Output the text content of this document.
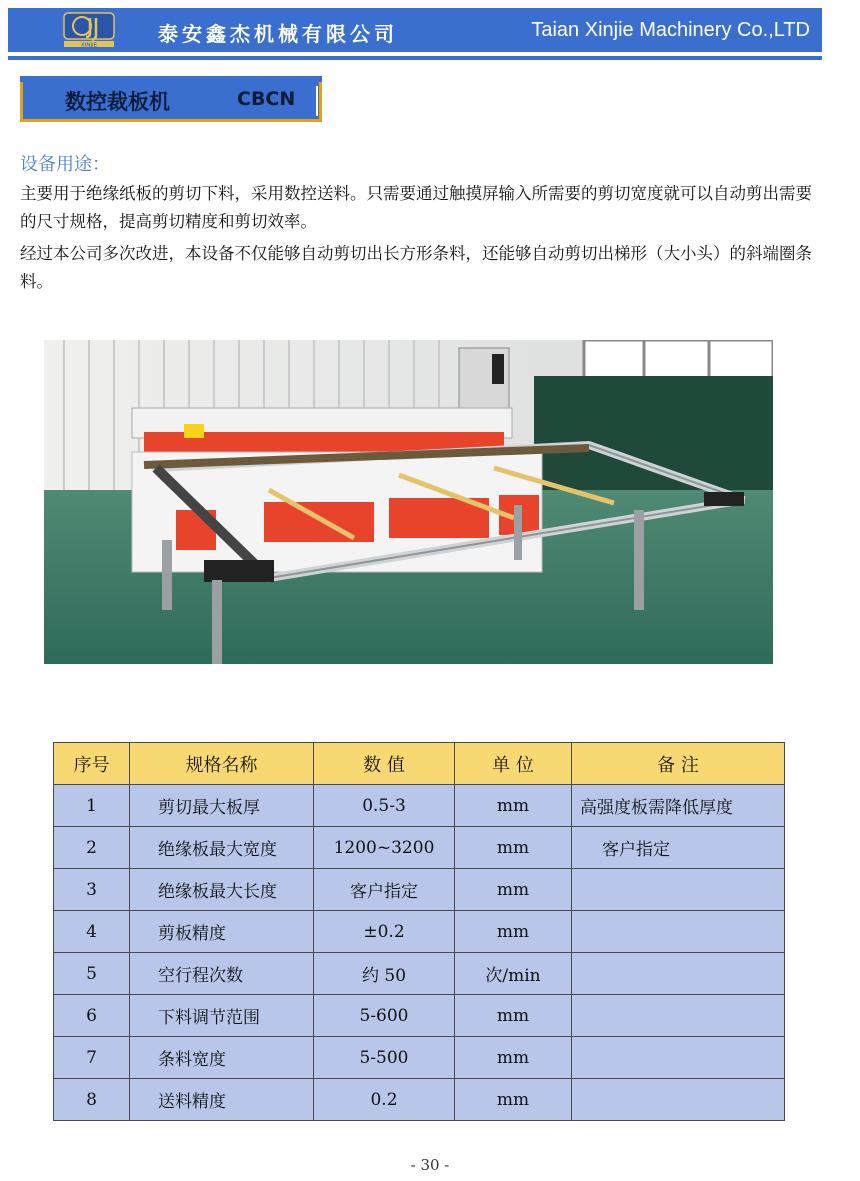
XINJIE	泰安鑫杰机械有限公司	Taian Xinjie Machinery Co.,LTD
数控裁板机	CBCN
设备用途：

主要用于绝缘纸板的剪切下料，采用数控送料。只需要通过触摸屏输入所需要的剪切宽度就可以自动剪出需要的尺寸规格，提高剪切精度和剪切效率。

经过本公司多次改进，本设备不仅能够自动剪切出长方形条料，还能够自动剪切出梯形（大小头）的斜端圈条料。

序号	规格名称	数 值	单 位	备 注
1	剪切最大板厚	0.5-3	mm	高强度板需降低厚度
2	绝缘板最大宽度	1200~3200	mm	客户指定
3	绝缘板最大长度	客户指定	mm	
4	剪板精度	±0.2	mm	
5	空行程次数	约 50	次/min	
6	下料调节范围	5-600	mm	
7	条料宽度	5-500	mm	
8	送料精度	0.2	mm	
- 30 -
